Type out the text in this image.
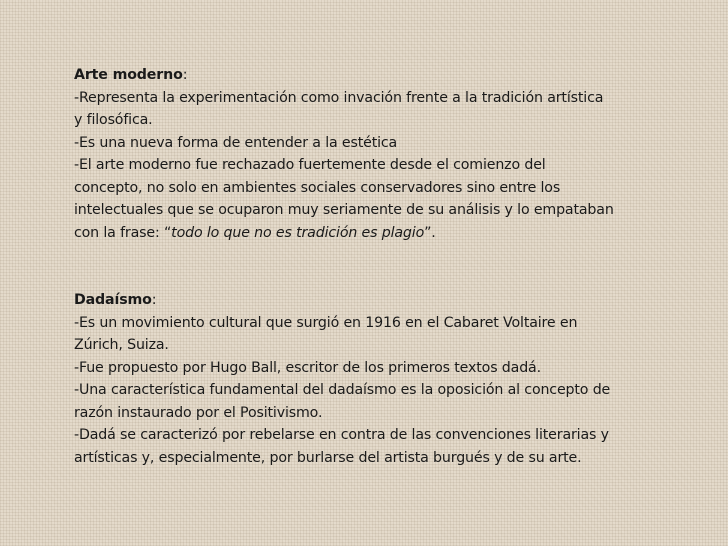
Arte moderno:
-Representa la experimentación como invación frente a la tradición artística
y filosófica.
-Es una nueva forma de entender a la estética
-El arte moderno fue rechazado fuertemente desde el comienzo del
concepto, no solo en ambientes sociales conservadores sino entre los
intelectuales que se ocuparon muy seriamente de su análisis y lo empataban
con la frase: “todo lo que no es tradición es plagio”.
Dadaísmo:
-Es un movimiento cultural que surgió en 1916 en el Cabaret Voltaire en
Zúrich, Suiza.
-Fue propuesto por Hugo Ball, escritor de los primeros textos dadá.
-Una característica fundamental del dadaísmo es la oposición al concepto de
razón instaurado por el Positivismo.
-Dadá se caracterizó por rebelarse en contra de las convenciones literarias y
artísticas y, especialmente, por burlarse del artista burgués y de su arte.
